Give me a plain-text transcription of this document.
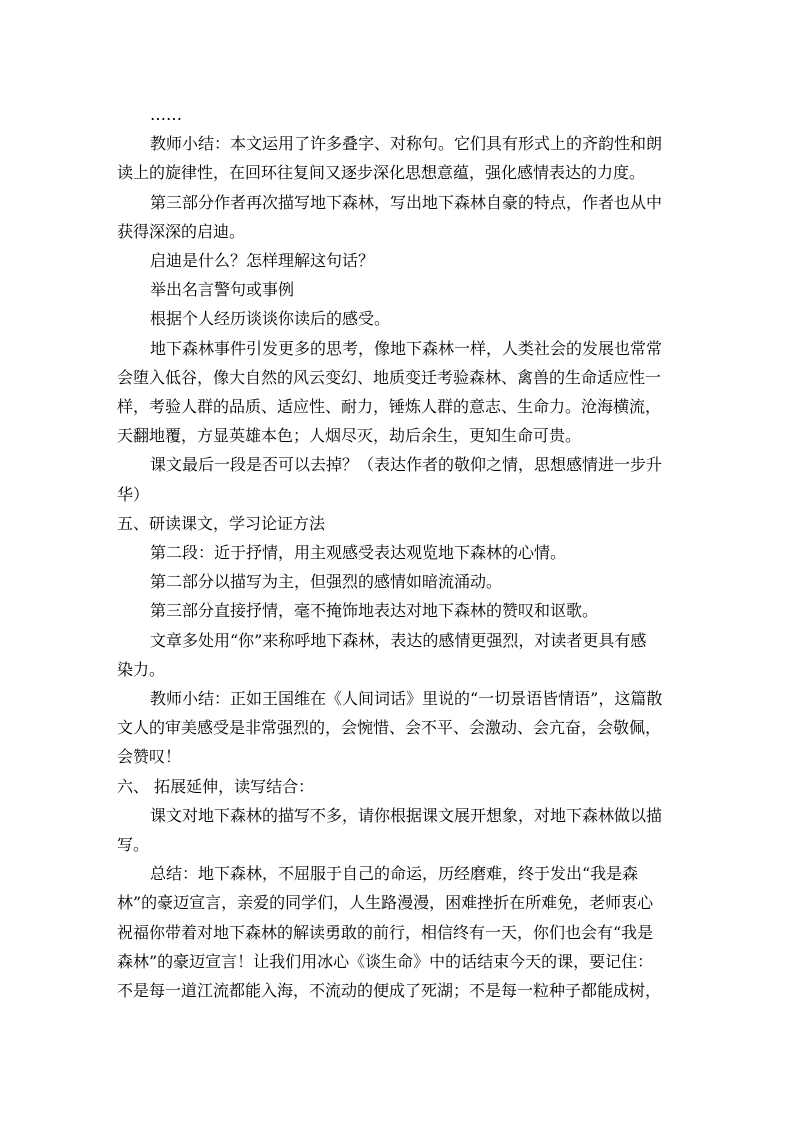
……

教师小结：本文运用了许多叠字、对称句。它们具有形式上的齐韵性和朗

读上的旋律性，在回环往复间又逐步深化思想意蕴，强化感情表达的力度。

第三部分作者再次描写地下森林，写出地下森林自豪的特点，作者也从中

获得深深的启迪。

启迪是什么？怎样理解这句话？

举出名言警句或事例

根据个人经历谈谈你读后的感受。

地下森林事件引发更多的思考，像地下森林一样，人类社会的发展也常常

会堕入低谷，像大自然的风云变幻、地质变迁考验森林、禽兽的生命适应性一

样，考验人群的品质、适应性、耐力，锤炼人群的意志、生命力。沧海横流，

天翻地覆，方显英雄本色；人烟尽灭，劫后余生，更知生命可贵。

课文最后一段是否可以去掉？（表达作者的敬仰之情，思想感情进一步升

华）

五、研读课文，学习论证方法

第二段：近于抒情，用主观感受表达观览地下森林的心情。

第二部分以描写为主，但强烈的感情如暗流涌动。

第三部分直接抒情，毫不掩饰地表达对地下森林的赞叹和讴歌。

文章多处用“你”来称呼地下森林，表达的感情更强烈，对读者更具有感

染力。

教师小结：正如王国维在《人间词话》里说的“一切景语皆情语”，这篇散

文人的审美感受是非常强烈的，会惋惜、会不平、会激动、会亢奋，会敬佩，

会赞叹！

六、 拓展延伸，读写结合：

课文对地下森林的描写不多，请你根据课文展开想象，对地下森林做以描

写。

总结：地下森林，不屈服于自己的命运，历经磨难，终于发出“我是森

林”的豪迈宣言，亲爱的同学们，人生路漫漫，困难挫折在所难免，老师衷心

祝福你带着对地下森林的解读勇敢的前行，相信终有一天，你们也会有“我是

森林”的豪迈宣言！让我们用冰心《谈生命》中的话结束今天的课，要记住：

不是每一道江流都能入海，不流动的便成了死湖；不是每一粒种子都能成树，
